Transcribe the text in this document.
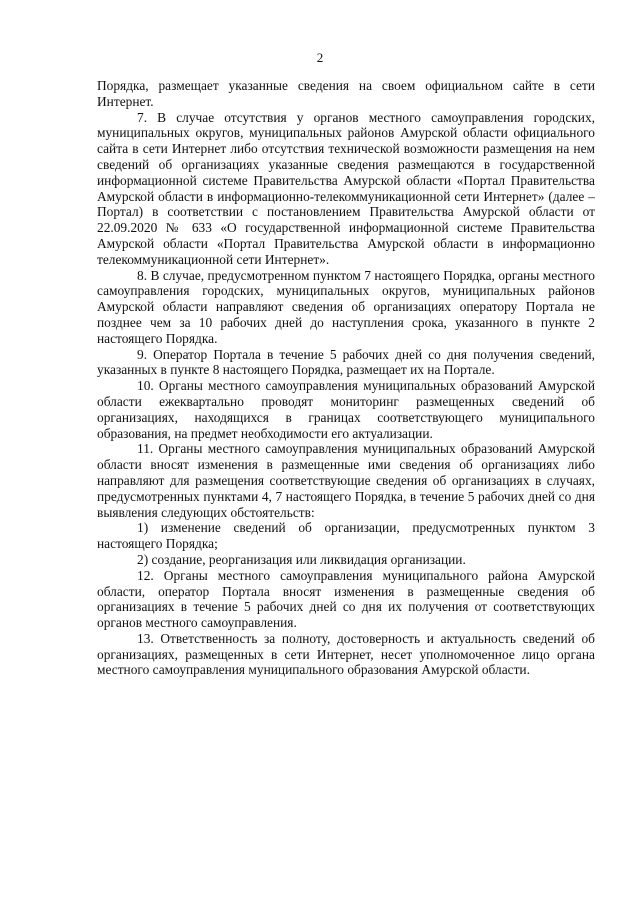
2

Порядка, размещает указанные сведения на своем официальном сайте в сети Интернет.

7. В случае отсутствия у органов местного самоуправления городских, муниципальных округов, муниципальных районов Амурской области официального сайта в сети Интернет либо отсутствия технической возможности размещения на нем сведений об организациях указанные сведения размещаются в государственной информационной системе Правительства Амурской области «Портал Правительства Амурской области в информационно-телекоммуникационной сети Интернет» (далее – Портал) в соответствии с постановлением Правительства Амурской области от 22.09.2020 № 633 «О государственной информационной системе Правительства Амурской области «Портал Правительства Амурской области в информационно телекоммуникационной сети Интернет».

8. В случае, предусмотренном пунктом 7 настоящего Порядка, органы местного самоуправления городских, муниципальных округов, муниципальных районов Амурской области направляют сведения об организациях оператору Портала не позднее чем за 10 рабочих дней до наступления срока, указанного в пункте 2 настоящего Порядка.

9. Оператор Портала в течение 5 рабочих дней со дня получения сведений, указанных в пункте 8 настоящего Порядка, размещает их на Портале.

10. Органы местного самоуправления муниципальных образований Амурской области ежеквартально проводят мониторинг размещенных сведений об организациях, находящихся в границах соответствующего муниципального образования, на предмет необходимости его актуализации.

11. Органы местного самоуправления муниципальных образований Амурской области вносят изменения в размещенные ими сведения об организациях либо направляют для размещения соответствующие сведения об организациях в случаях, предусмотренных пунктами 4, 7 настоящего Порядка, в течение 5 рабочих дней со дня выявления следующих обстоятельств:

1) изменение сведений об организации, предусмотренных пунктом 3 настоящего Порядка;

2) создание, реорганизация или ликвидация организации.

12. Органы местного самоуправления муниципального района Амурской области, оператор Портала вносят изменения в размещенные сведения об организациях в течение 5 рабочих дней со дня их получения от соответствующих органов местного самоуправления.

13. Ответственность за полноту, достоверность и актуальность сведений об организациях, размещенных в сети Интернет, несет уполномоченное лицо органа местного самоуправления муниципального образования Амурской области.
